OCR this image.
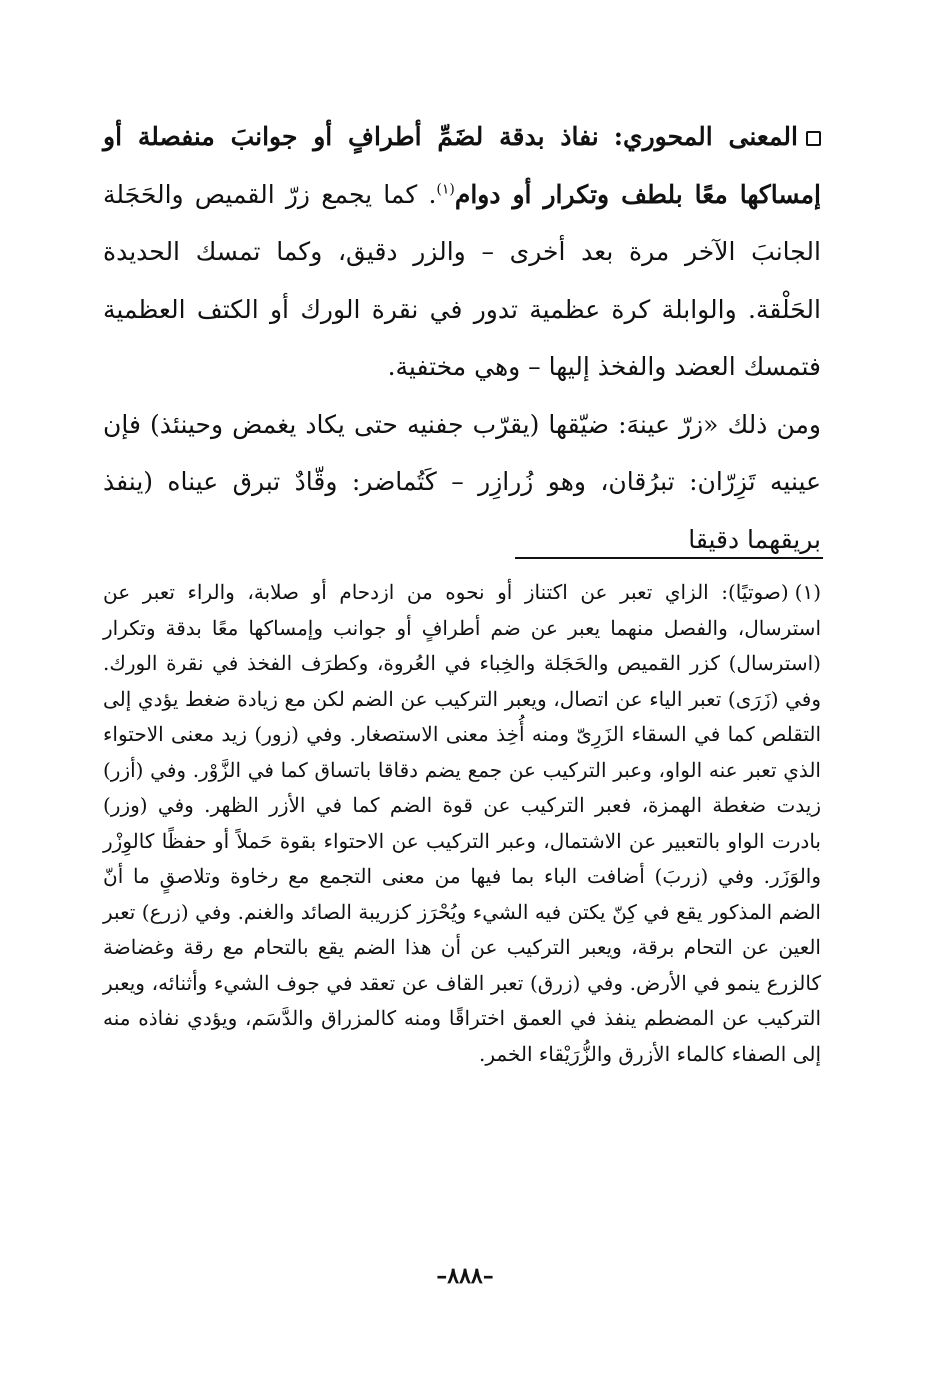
المعنى المحوري: نفاذ بدقة لضَمِّ أطرافٍ أو جوانبَ منفصلة أو إمساكها معًا بلطف وتكرار أو دوام$^{(١)}$. كما يجمع زرّ القميص والحَجَلة الجانبَ الآخر مرة بعد أخرى – والزر دقيق، وكما تمسك الحديدة الحَلْقة. والوابلة كرة عظمية تدور في نقرة الورك أو الكتف العظمية فتمسك العضد والفخذ إليها – وهي مختفية.

ومن ذلك «زرّ عينهَ: ضيّقها (يقرّب جفنيه حتى يكاد يغمض وحينئذ) فإن عينيه تَزِرّان: تبرُقان، وهو زُرازِر – كَتُماضر: وقّادٌ تبرق عيناه (ينفذ بريقهما دقيقا

(١)(صوتيًا): الزاي تعبر عن اكتناز أو نحوه من ازدحام أو صلابة، والراء تعبر عن استرسال، والفصل منهما يعبر عن ضم أطرافٍ أو جوانب وإمساكها معًا بدقة وتكرار (استرسال) كزر القميص والحَجَلة والخِباء في العُروة، وكطرَف الفخذ في نقرة الورك. وفي (زَرَى) تعبر الياء عن اتصال، ويعبر التركيب عن الضم لكن مع زيادة ضغط يؤدي إلى التقلص كما في السقاء الزَرِىّ ومنه أُخِذ معنى الاستصغار. وفي (زور) زيد معنى الاحتواء الذي تعبر عنه الواو، وعبر التركيب عن جمع يضم دقاقا باتساق كما في الزَّوْر. وفي (أزر) زيدت ضغطة الهمزة، فعبر التركيب عن قوة الضم كما في الأزر الظهر. وفي (وزر) بادرت الواو بالتعبير عن الاشتمال، وعبر التركيب عن الاحتواء بقوة حَملاً أو حفظًا كالوِزْر والوَزَر. وفي (زربَ) أضافت الباء بما فيها من معنى التجمع مع رخاوة وتلاصقٍ ما أنّ الضم المذكور يقع في كِنّ يكتن فيه الشيء ويُحْرَز كزريبة الصائد والغنم. وفي (زرع) تعبر العين عن التحام برقة، ويعبر التركيب عن أن هذا الضم يقع بالتحام مع رقة وغضاضة كالزرع ينمو في الأرض. وفي (زرق) تعبر القاف عن تعقد في جوف الشيء وأثنائه، ويعبر التركيب عن المضطم ينفذ في العمق اختراقًا ومنه كالمزراق والدَّسَم، ويؤدي نفاذه منه إلى الصفاء كالماء الأزرق والزُّرَيْقاء الخمر.

–٨٨٨–
